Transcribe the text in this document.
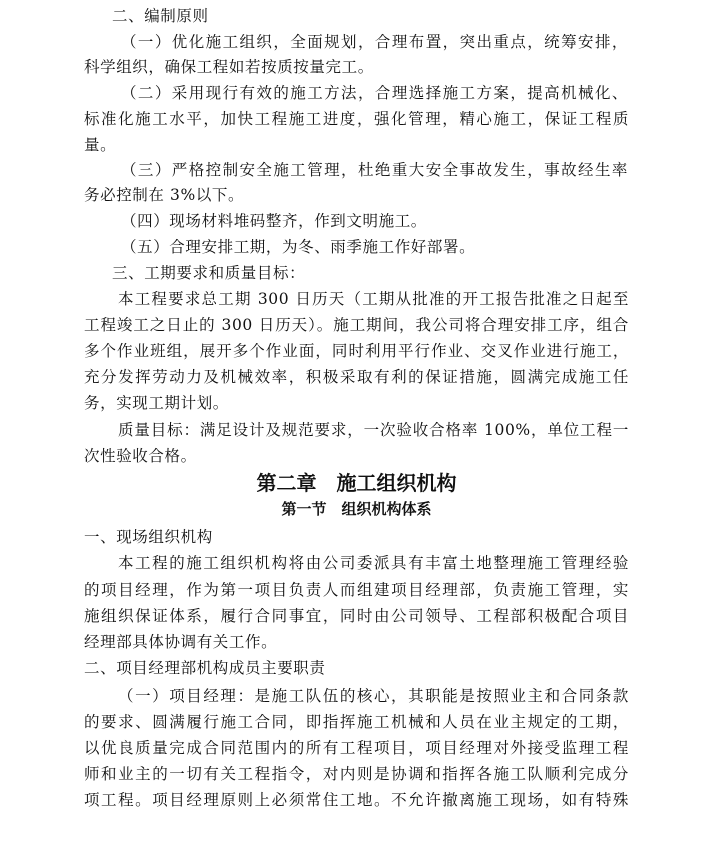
二、编制原则

（一）优化施工组织，全面规划，合理布置，突出重点，统筹安排，

科学组织，确保工程如若按质按量完工。

（二）采用现行有效的施工方法，合理选择施工方案，提高机械化、

标准化施工水平，加快工程施工进度，强化管理，精心施工，保证工程质

量。

（三）严格控制安全施工管理，杜绝重大安全事故发生，事故经生率

务必控制在 3%以下。

（四）现场材料堆码整齐，作到文明施工。

（五）合理安排工期，为冬、雨季施工作好部署。

三、工期要求和质量目标：

本工程要求总工期 300 日历天（工期从批准的开工报告批准之日起至

工程竣工之日止的 300 日历天）。施工期间，我公司将合理安排工序，组合

多个作业班组，展开多个作业面，同时利用平行作业、交叉作业进行施工，

充分发挥劳动力及机械效率，积极采取有利的保证措施，圆满完成施工任

务，实现工期计划。

质量目标：满足设计及规范要求，一次验收合格率 100%，单位工程一

次性验收合格。

第二章　施工组织机构
第一节　组织机构体系

一、现场组织机构

本工程的施工组织机构将由公司委派具有丰富土地整理施工管理经验

的项目经理，作为第一项目负责人而组建项目经理部，负责施工管理，实

施组织保证体系，履行合同事宜，同时由公司领导、工程部积极配合项目

经理部具体协调有关工作。

二、项目经理部机构成员主要职责

（一）项目经理：是施工队伍的核心，其职能是按照业主和合同条款

的要求、圆满履行施工合同，即指挥施工机械和人员在业主规定的工期，

以优良质量完成合同范围内的所有工程项目，项目经理对外接受监理工程

师和业主的一切有关工程指令，对内则是协调和指挥各施工队顺利完成分

项工程。项目经理原则上必须常住工地。不允许撤离施工现场，如有特殊
